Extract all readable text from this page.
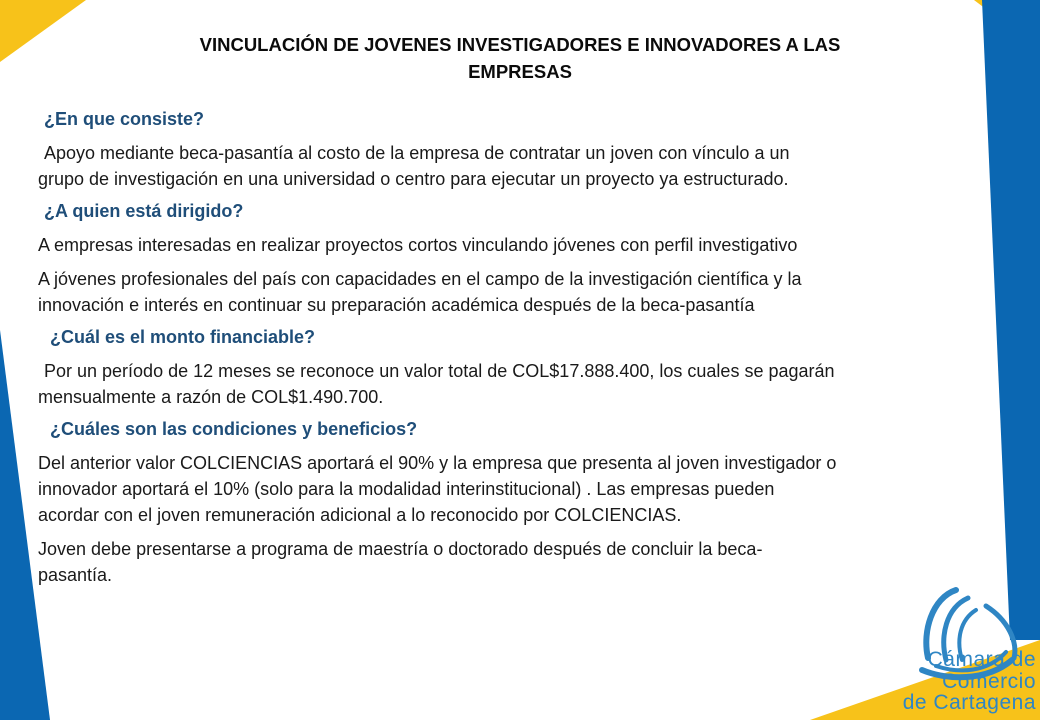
VINCULACIÓN DE JOVENES INVESTIGADORES E INNOVADORES A LAS
EMPRESAS
¿En que consiste?
Apoyo mediante beca-pasantía al costo de la empresa de contratar un joven con vínculo a un
grupo de investigación en una universidad o centro para ejecutar un proyecto ya estructurado.
¿A quien está dirigido?
A empresas interesadas en realizar proyectos cortos vinculando jóvenes con perfil investigativo
A jóvenes profesionales del país con capacidades en el campo de la investigación científica y la
innovación e interés en continuar su preparación académica después de la beca-pasantía
¿Cuál es el monto financiable?
Por un período de 12 meses se reconoce un valor total de COL$17.888.400, los cuales se pagarán
mensualmente a razón de COL$1.490.700.
¿Cuáles son las condiciones y beneficios?
Del anterior valor COLCIENCIAS aportará el 90% y la empresa que presenta al joven investigador o
innovador aportará el 10% (solo para la modalidad interinstitucional) . Las empresas pueden
acordar con el joven remuneración adicional a lo reconocido por COLCIENCIAS.
Joven debe presentarse a programa de maestría o doctorado después de concluir la beca-
pasantía.
Cámara de Comercio
de Cartagena
